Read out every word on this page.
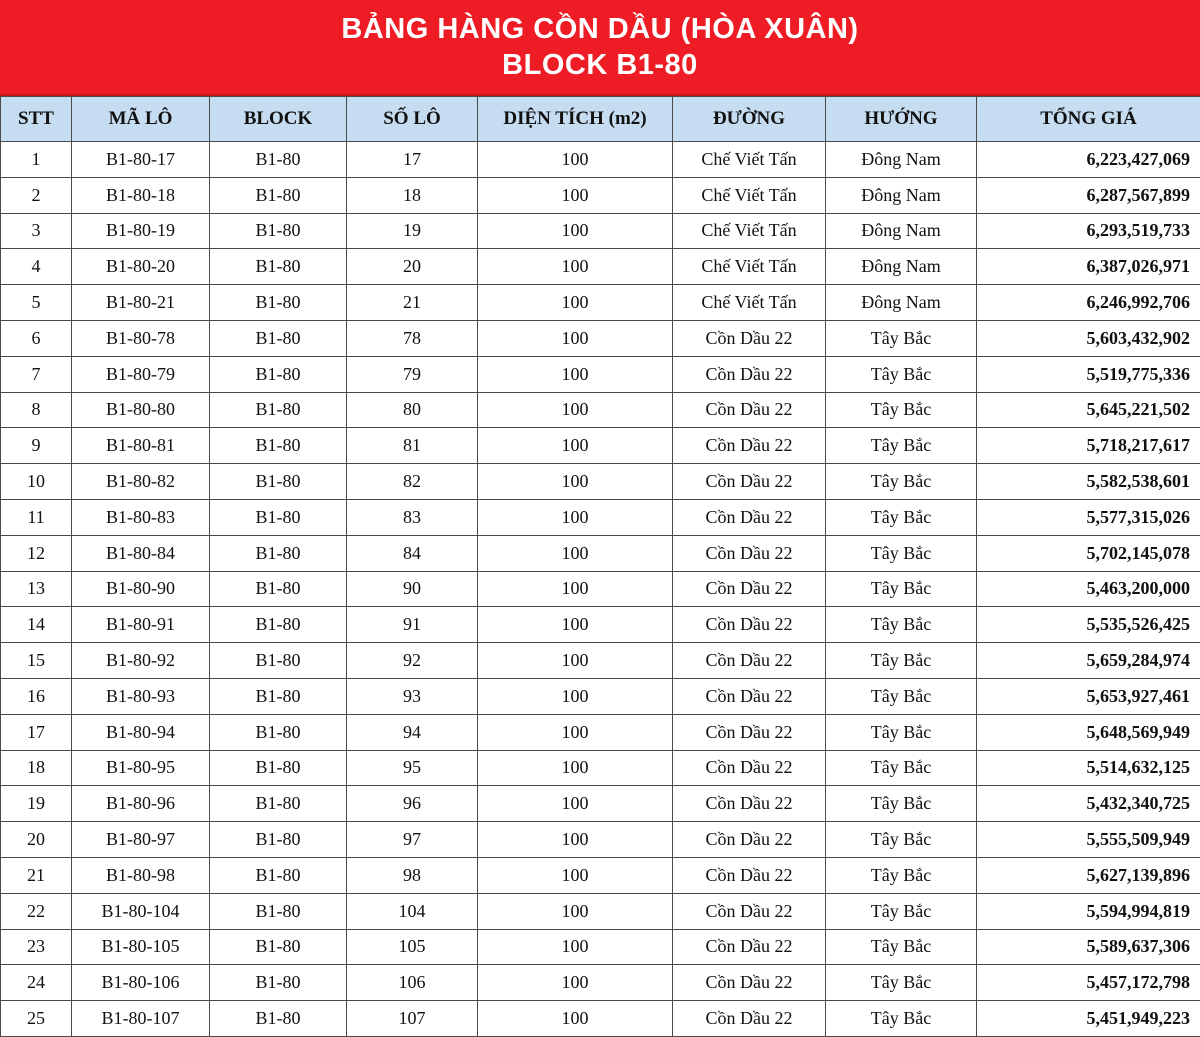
BẢNG HÀNG CỒN DẦU (HÒA XUÂN)
BLOCK B1-80
STT	MÃ LÔ	BLOCK	SỐ LÔ	DIỆN TÍCH (m2)	ĐƯỜNG	HƯỚNG	TỔNG GIÁ
1	B1-80-17	B1-80	17	100	Chế Viết Tấn	Đông Nam	6,223,427,069
2	B1-80-18	B1-80	18	100	Chế Viết Tấn	Đông Nam	6,287,567,899
3	B1-80-19	B1-80	19	100	Chế Viết Tấn	Đông Nam	6,293,519,733
4	B1-80-20	B1-80	20	100	Chế Viết Tấn	Đông Nam	6,387,026,971
5	B1-80-21	B1-80	21	100	Chế Viết Tấn	Đông Nam	6,246,992,706
6	B1-80-78	B1-80	78	100	Cồn Dầu 22	Tây Bắc	5,603,432,902
7	B1-80-79	B1-80	79	100	Cồn Dầu 22	Tây Bắc	5,519,775,336
8	B1-80-80	B1-80	80	100	Cồn Dầu 22	Tây Bắc	5,645,221,502
9	B1-80-81	B1-80	81	100	Cồn Dầu 22	Tây Bắc	5,718,217,617
10	B1-80-82	B1-80	82	100	Cồn Dầu 22	Tây Bắc	5,582,538,601
11	B1-80-83	B1-80	83	100	Cồn Dầu 22	Tây Bắc	5,577,315,026
12	B1-80-84	B1-80	84	100	Cồn Dầu 22	Tây Bắc	5,702,145,078
13	B1-80-90	B1-80	90	100	Cồn Dầu 22	Tây Bắc	5,463,200,000
14	B1-80-91	B1-80	91	100	Cồn Dầu 22	Tây Bắc	5,535,526,425
15	B1-80-92	B1-80	92	100	Cồn Dầu 22	Tây Bắc	5,659,284,974
16	B1-80-93	B1-80	93	100	Cồn Dầu 22	Tây Bắc	5,653,927,461
17	B1-80-94	B1-80	94	100	Cồn Dầu 22	Tây Bắc	5,648,569,949
18	B1-80-95	B1-80	95	100	Cồn Dầu 22	Tây Bắc	5,514,632,125
19	B1-80-96	B1-80	96	100	Cồn Dầu 22	Tây Bắc	5,432,340,725
20	B1-80-97	B1-80	97	100	Cồn Dầu 22	Tây Bắc	5,555,509,949
21	B1-80-98	B1-80	98	100	Cồn Dầu 22	Tây Bắc	5,627,139,896
22	B1-80-104	B1-80	104	100	Cồn Dầu 22	Tây Bắc	5,594,994,819
23	B1-80-105	B1-80	105	100	Cồn Dầu 22	Tây Bắc	5,589,637,306
24	B1-80-106	B1-80	106	100	Cồn Dầu 22	Tây Bắc	5,457,172,798
25	B1-80-107	B1-80	107	100	Cồn Dầu 22	Tây Bắc	5,451,949,223
